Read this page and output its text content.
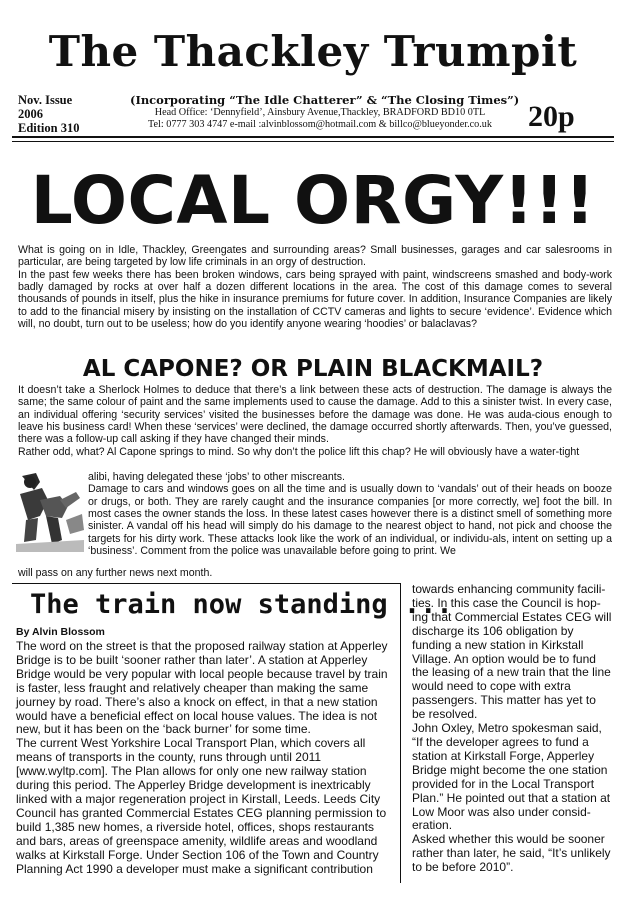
The Thackley Trumpit
Nov. Issue
2006
Edition 310
(Incorporating “The Idle Chatterer” & “The Closing Times”)
Head Office: ‘Dennyfield’, Ainsbury Avenue,Thackley, BRADFORD BD10 0TL
Tel: 0777 303 4747 e-mail :alvinblossom@hotmail.com & billco@blueyonder.co.uk	20p
LOCAL ORGY!!!
What is going on in Idle, Thackley, Greengates and surrounding areas? Small businesses, garages and car salesrooms in particular, are being targeted by low life criminals in an orgy of destruction.
In the past few weeks there has been broken windows, cars being sprayed with paint, windscreens smashed and body-work badly damaged by rocks at over half a dozen different locations in the area. The cost of this damage comes to several thousands of pounds in itself, plus the hike in insurance premiums for future cover. In addition, Insurance Companies are likely to add to the financial misery by insisting on the installation of CCTV cameras and lights to secure ‘evidence’. Evidence which will, no doubt, turn out to be useless; how do you identify anyone wearing ‘hoodies’ or balaclavas?
AL CAPONE? OR PLAIN BLACKMAIL?
It doesn’t take a Sherlock Holmes to deduce that there’s a link between these acts of destruction. The damage is always the same; the same colour of paint and the same implements used to cause the damage. Add to this a sinister twist. In every case, an individual offering ‘security services’ visited the businesses before the damage was done. He was auda-cious enough to leave his business card! When these ‘services’ were declined, the damage occurred shortly afterwards. Then, you’ve guessed, there was a follow-up call asking if they have changed their minds.
Rather odd, what? Al Capone springs to mind. So why don’t the police lift this chap? He will obviously have a water-tight
alibi, having delegated these ‘jobs’ to other miscreants.
Damage to cars and windows goes on all the time and is usually down to ‘vandals’ out of their heads on booze or drugs, or both. They are rarely caught and the insurance companies [or more correctly, we] foot the bill. In most cases the owner stands the loss. In these latest cases however there is a distinct smell of something more sinister. A vandal off his head will simply do his damage to the nearest object to hand, not pick and choose the targets for his dirty work. These attacks look like the work of an individual, or individu-als, intent on setting up a ‘business’. Comment from the police was unavailable before going to print. We
will pass on any further news next month.
The train now standing ...
By Alvin Blossom

The word on the street is that the proposed railway station at Apperley Bridge is to be built ‘sooner rather than later’. A station at Apperley Bridge would be very popular with local people because travel by train is faster, less fraught and relatively cheaper than making the same journey by road. There’s also a knock on effect, in that a new station would have a beneficial effect on local house values. The idea is not new, but it has been on the ‘back burner’ for some time.

The current West Yorkshire Local Transport Plan, which covers all means of transports in the county, runs through until 2011 [www.wyltp.com]. The Plan allows for only one new railway station during this period. The Apperley Bridge development is inextricably linked with a major regeneration project in Kirstall, Leeds. Leeds City Council has granted Commercial Estates CEG planning permission to build 1,385 new homes, a riverside hotel, offices, shops restaurants and bars, areas of greenspace amenity, wildlife areas and woodland walks at Kirkstall Forge. Under Section 106 of the Town and Country Planning Act 1990 a developer must make a significant contribution

towards enhancing community facili-ties. In this case the Council is hop-ing that Commercial Estates CEG will discharge its 106 obligation by funding a new station in Kirkstall Village. An option would be to fund the leasing of a new train that the line would need to cope with extra passengers. This matter has yet to be resolved.

John Oxley, Metro spokesman said, “If the developer agrees to fund a station at Kirkstall Forge, Apperley Bridge might become the one station provided for in the Local Transport Plan.” He pointed out that a station at Low Moor was also under consid-eration.

Asked whether this would be sooner rather than later, he said, “It’s unlikely to be before 2010”.
